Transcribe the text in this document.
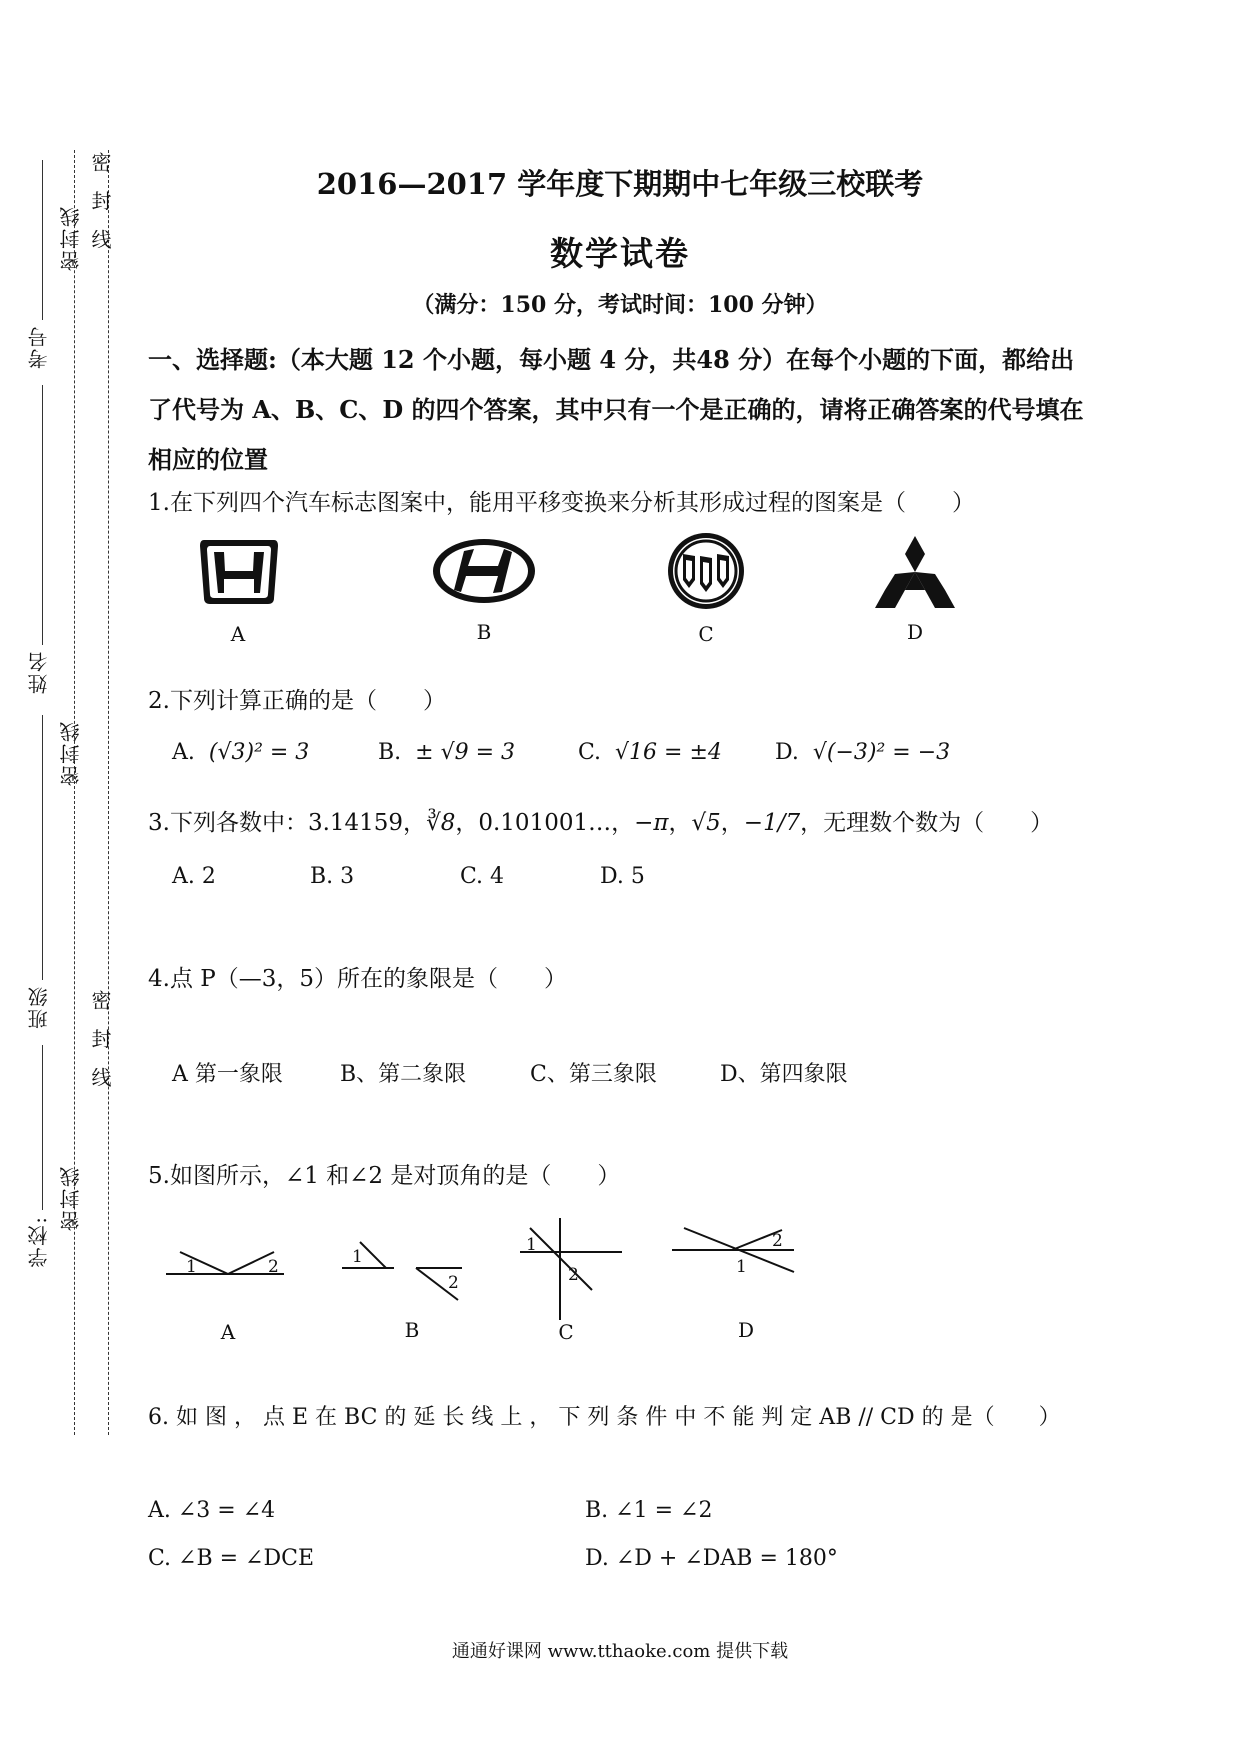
密封线 密 封 线
考号
姓名
密封线
班级 密 封 线
学校:
密封线
2016—2017 学年度下期期中七年级三校联考
数学试卷
（满分：150 分，考试时间：100 分钟）
一、选择题:（本大题 12 个小题，每小题 4 分，共48 分）在每个小题的下面，都给出了代号为 A、B、C、D 的四个答案，其中只有一个是正确的，请将正确答案的代号填在相应的位置
1.在下列四个汽车标志图案中，能用平移变换来分析其形成过程的图案是（　　）
A	B	C	D
2.下列计算正确的是（　　）
A.  (√3)² = 3	B.  ± √9 = 3	C.  √16 = ±4 D.  √(−3)² = −3
3.下列各数中：3.14159，∛8，0.101001…，−π，√5，−1/7，无理数个数为（　　）
A. 2	B. 3	C. 4	D. 5
4.点 P（—3，5）所在的象限是（　　）
A 第一象限	B、第二象限	C、第三象限	D、第四象限
5.如图所示，∠1 和∠2 是对顶角的是（　　）
1	2
A
1
2
B
1
2
C
2
1
D
6. 如 图 ， 点 E 在 BC 的 延 长 线 上 ， 下 列 条 件 中 不 能 判 定 AB // CD 的 是（　　）
A. ∠3 = ∠4	B. ∠1 = ∠2
C. ∠B = ∠DCE	D. ∠D + ∠DAB = 180°
通通好课网 www.tthaoke.com 提供下载
